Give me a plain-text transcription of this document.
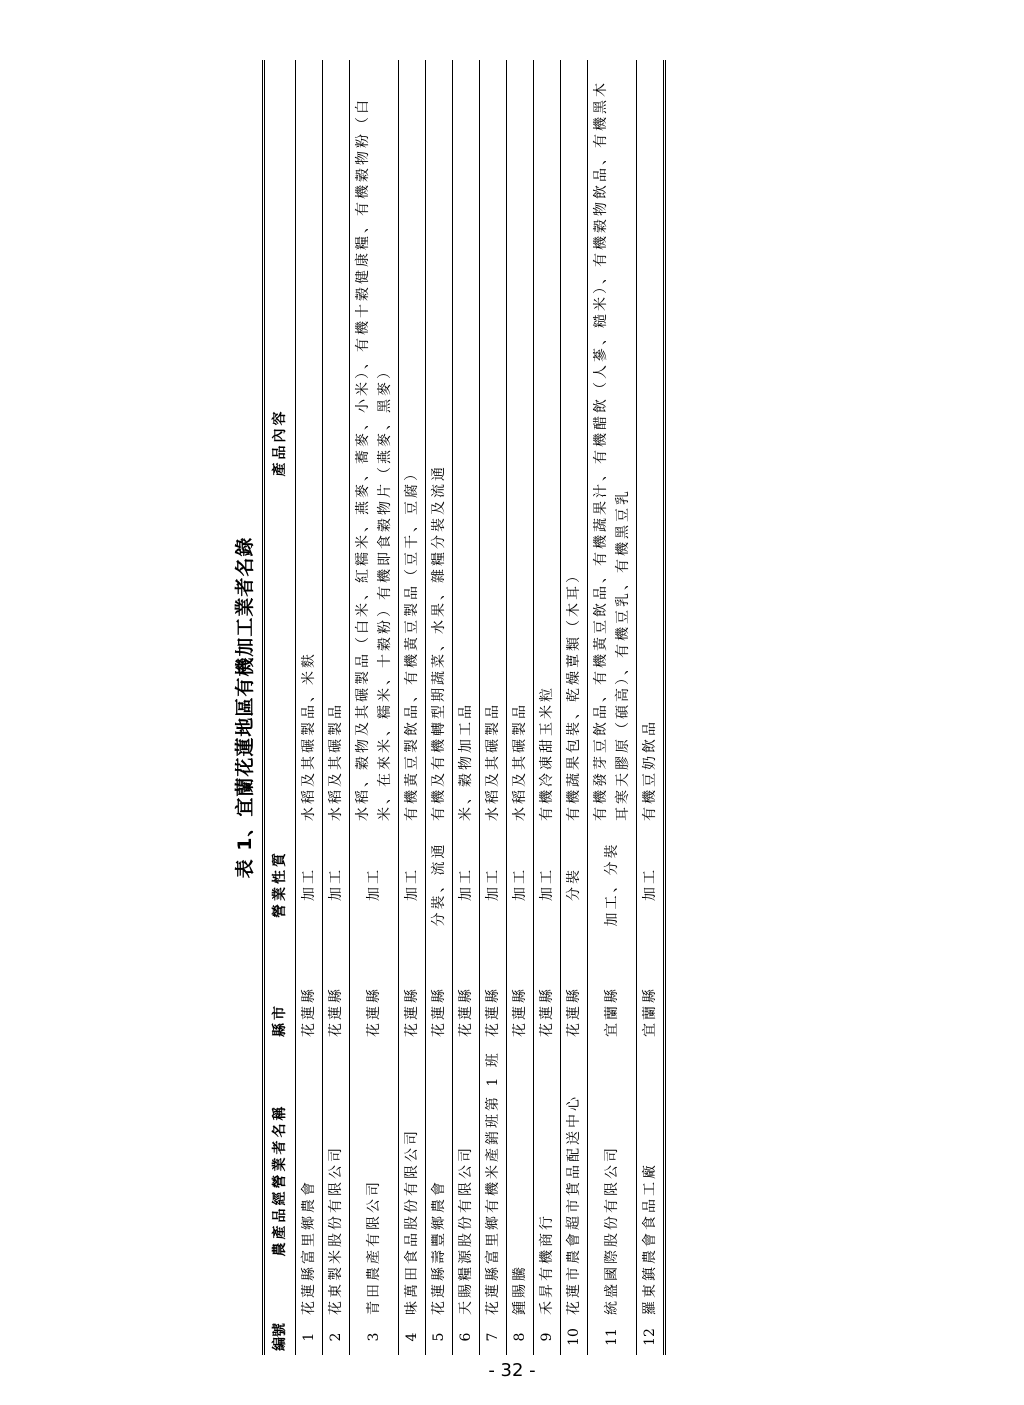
表 1、宜蘭花蓮地區有機加工業者名錄
編號	農產品經營業者名稱	縣市	營業性質	產品內容
1	花蓮縣富里鄉農會	花蓮縣	加工	水稻及其碾製品、米麩
2	花東製米股份有限公司	花蓮縣	加工	水稻及其碾製品
3	青田農產有限公司	花蓮縣	加工	水稻、穀物及其碾製品（白米、紅糯米、燕麥、蕎麥、小米）、有機十穀健康糧、有機穀物粉（白米、在來米、糯米、十穀粉）有機即食穀物片（燕麥、黑麥）
4	味萬田食品股份有限公司	花蓮縣	加工	有機黃豆製飲品、有機黃豆製品（豆干、豆腐）
5	花蓮縣壽豐鄉農會	花蓮縣	分裝、流通	有機及有機轉型期蔬菜、水果、雜糧分裝及流通
6	天賜糧源股份有限公司	花蓮縣	加工	米、穀物加工品
7	花蓮縣富里鄉有機米產銷班第 1 班	花蓮縣	加工	水稻及其碾製品
8	鍾賜騰	花蓮縣	加工	水稻及其碾製品
9	禾昇有機商行	花蓮縣	加工	有機冷凍甜玉米粒
10	花蓮市農會超市貨品配送中心	花蓮縣	分裝	有機蔬果包裝、乾燥蕈類（木耳）
11	統盛國際股份有限公司	宜蘭縣	加工、分裝	有機發芽豆飲品、有機黃豆飲品、有機蔬果汁、有機醋飲（人蔘、糙米）、有機穀物飲品、有機黑木耳寒天膠原（碩高）、有機豆乳、有機黑豆乳
12	羅東鎮農會食品工廠	宜蘭縣	加工	有機豆奶飲品
- 32 -
